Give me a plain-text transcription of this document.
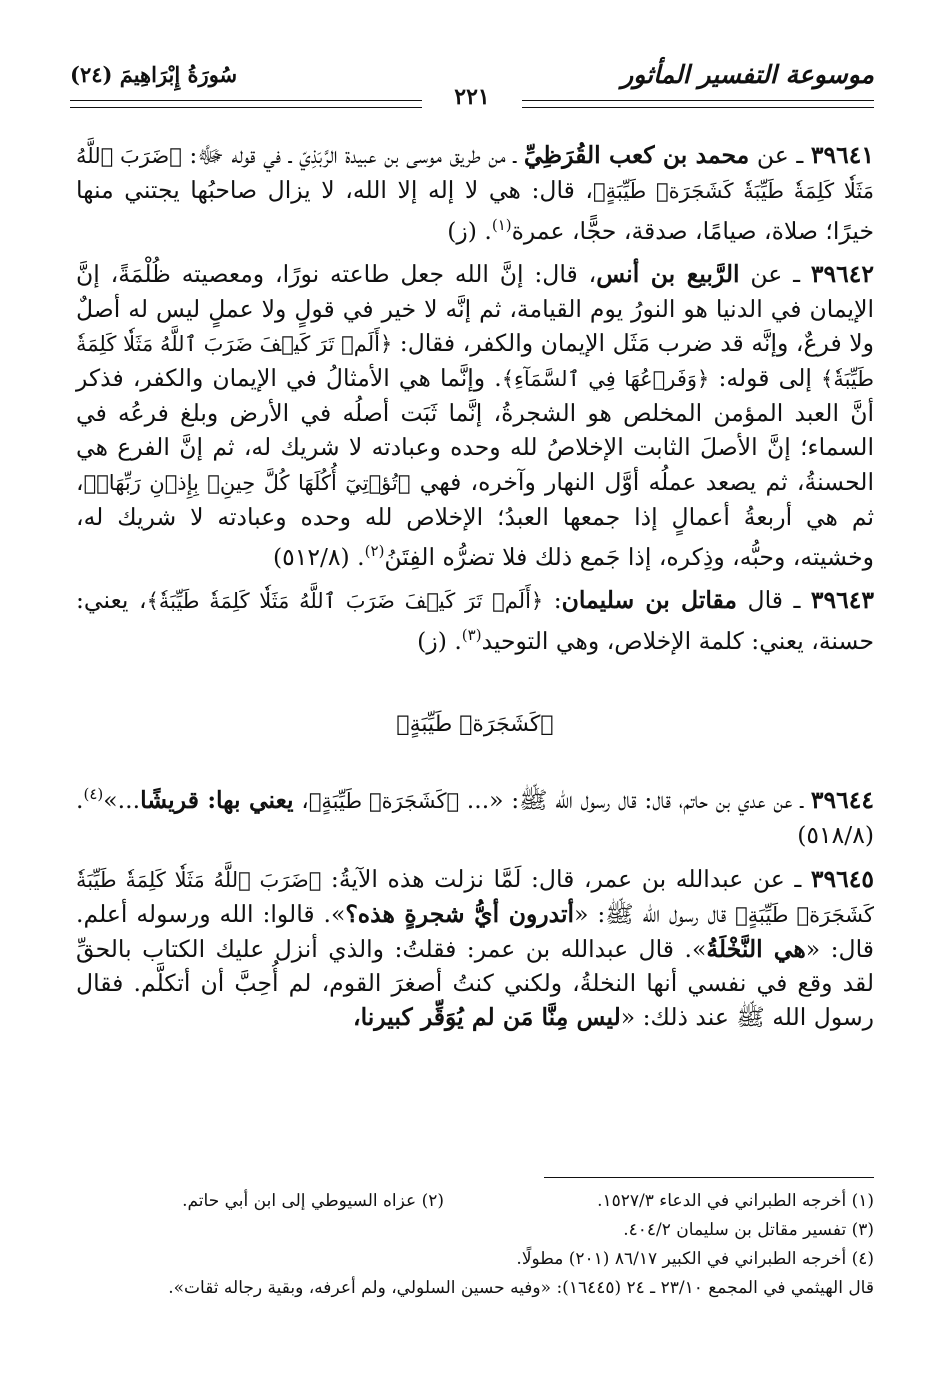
سُورَةُ إِبْرَاهِيمَ (٢٤)
٢٢١
موسوعة التفسير المأثور

٣٩٦٤١ ـ عن محمد بن كعب القُرَظِيِّ ـ من طريق موسى بن عبيدة الرَّبَذِيّ ـ في قوله ﷻ: ﴿ضَرَبَ ٱللَّهُ مَثَلٗا كَلِمَةٗ طَيِّبَةٗ كَشَجَرَةٖ طَيِّبَةٍ﴾، قال: هي لا إله إلا الله، لا يزال صاحبُها يجتني منها خيرًا؛ صلاة، صيامًا، صدقة، حجًّا، عمرة$^{(١)}$. (ز)

٣٩٦٤٢ ـ عن الرَّبيع بن أنس، قال: إنَّ الله جعل طاعته نورًا، ومعصيته ظُلْمَةً، إنَّ الإيمان في الدنيا هو النورُ يوم القيامة، ثم إنَّه لا خير في قولٍ ولا عملٍ ليس له أصلٌ ولا فرعٌ، وإنَّه قد ضرب مَثَل الإيمان والكفر، فقال: ﴿أَلَمۡ تَرَ كَيۡفَ ضَرَبَ ٱللَّهُ مَثَلٗا كَلِمَةٗ طَيِّبَةٗ﴾ إلى قوله: ﴿وَفَرۡعُهَا فِي ٱلسَّمَآءِ﴾. وإنَّما هي الأمثالُ في الإيمان والكفر، فذكر أنَّ العبد المؤمن المخلص هو الشجرةُ، إنَّما ثَبَت أصلُه في الأرض وبلغ فرعُه في السماء؛ إنَّ الأصلَ الثابت الإخلاصُ لله وحده وعبادته لا شريك له، ثم إنَّ الفرع هي الحسنةُ، ثم يصعد عملُه أوَّل النهار وآخره، فهي ﴿تُؤۡتِيٓ أُكُلَهَا كُلَّ حِينِۭ بِإِذۡنِ رَبِّهَاۗ﴾، ثم هي أربعةُ أعمالٍ إذا جمعها العبدُ؛ الإخلاص لله وحده وعبادته لا شريك له، وخشيته، وحبُّه، وذِكره، إذا جَمع ذلك فلا تضرُّه الفِتَنُ$^{(٢)}$. (٥١٢/٨)

٣٩٦٤٣ ـ قال مقاتل بن سليمان: ﴿أَلَمۡ تَرَ كَيۡفَ ضَرَبَ ٱللَّهُ مَثَلٗا كَلِمَةٗ طَيِّبَةٗ﴾، يعني: حسنة، يعني: كلمة الإخلاص، وهي التوحيد$^{(٣)}$. (ز)

﴿كَشَجَرَةٖ طَيِّبَةٍ﴾

٣٩٦٤٤ ـ عن عدي بن حاتم، قال: قال رسول الله ﷺ: «... ﴿كَشَجَرَةٖ طَيِّبَةٍ﴾، يعني بها: قريشًا...»$^{(٤)}$. (٥١٨/٨)

٣٩٦٤٥ ـ عن عبدالله بن عمر، قال: لَمَّا نزلت هذه الآيةُ: ﴿ضَرَبَ ٱللَّهُ مَثَلٗا كَلِمَةٗ طَيِّبَةٗ كَشَجَرَةٖ طَيِّبَةٍ﴾ قال رسول الله ﷺ: «أتدرون أيُّ شجرةٍ هذه؟». قالوا: الله ورسوله أعلم. قال: «هي النَّخْلَةُ». قال عبدالله بن عمر: فقلتُ: والذي أنزل عليك الكتاب بالحقِّ لقد وقع في نفسي أنها النخلةُ، ولكني كنتُ أصغرَ القوم، لم أُحِبَّ أن أتكلَّم. فقال رسول الله ﷺ عند ذلك: «ليس مِنَّا مَن لم يُوَقِّر كبيرنا،

(١) أخرجه الطبراني في الدعاء ١٥٢٧/٣.
(٢) عزاه السيوطي إلى ابن أبي حاتم.
(٣) تفسير مقاتل بن سليمان ٤٠٤/٢.
(٤) أخرجه الطبراني في الكبير ٨٦/١٧ (٢٠١) مطولًا.
قال الهيثمي في المجمع ٢٣/١٠ ـ ٢٤ (١٦٤٤٥): «وفيه حسين السلولي، ولم أعرفه، وبقية رجاله ثقات».
